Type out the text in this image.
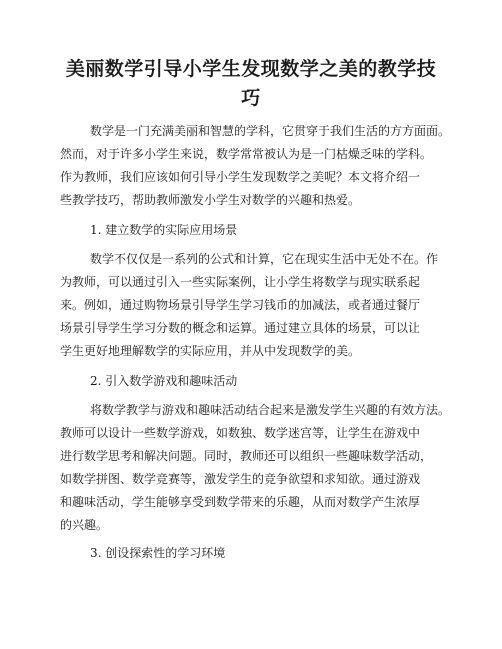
美丽数学引导小学生发现数学之美的教学技
巧

数学是一门充满美丽和智慧的学科，它贯穿于我们生活的方方面面。

然而，对于许多小学生来说，数学常常被认为是一门枯燥乏味的学科。

作为教师，我们应该如何引导小学生发现数学之美呢？本文将介绍一

些教学技巧，帮助教师激发小学生对数学的兴趣和热爱。

1. 建立数学的实际应用场景

数学不仅仅是一系列的公式和计算，它在现实生活中无处不在。作

为教师，可以通过引入一些实际案例，让小学生将数学与现实联系起

来。例如，通过购物场景引导学生学习钱币的加减法，或者通过餐厅

场景引导学生学习分数的概念和运算。通过建立具体的场景，可以让

学生更好地理解数学的实际应用，并从中发现数学的美。

2. 引入数学游戏和趣味活动

将数学教学与游戏和趣味活动结合起来是激发学生兴趣的有效方法。

教师可以设计一些数学游戏，如数独、数学迷宫等，让学生在游戏中

进行数学思考和解决问题。同时，教师还可以组织一些趣味数学活动，

如数学拼图、数学竞赛等，激发学生的竞争欲望和求知欲。通过游戏

和趣味活动，学生能够享受到数学带来的乐趣，从而对数学产生浓厚

的兴趣。

3. 创设探索性的学习环境
